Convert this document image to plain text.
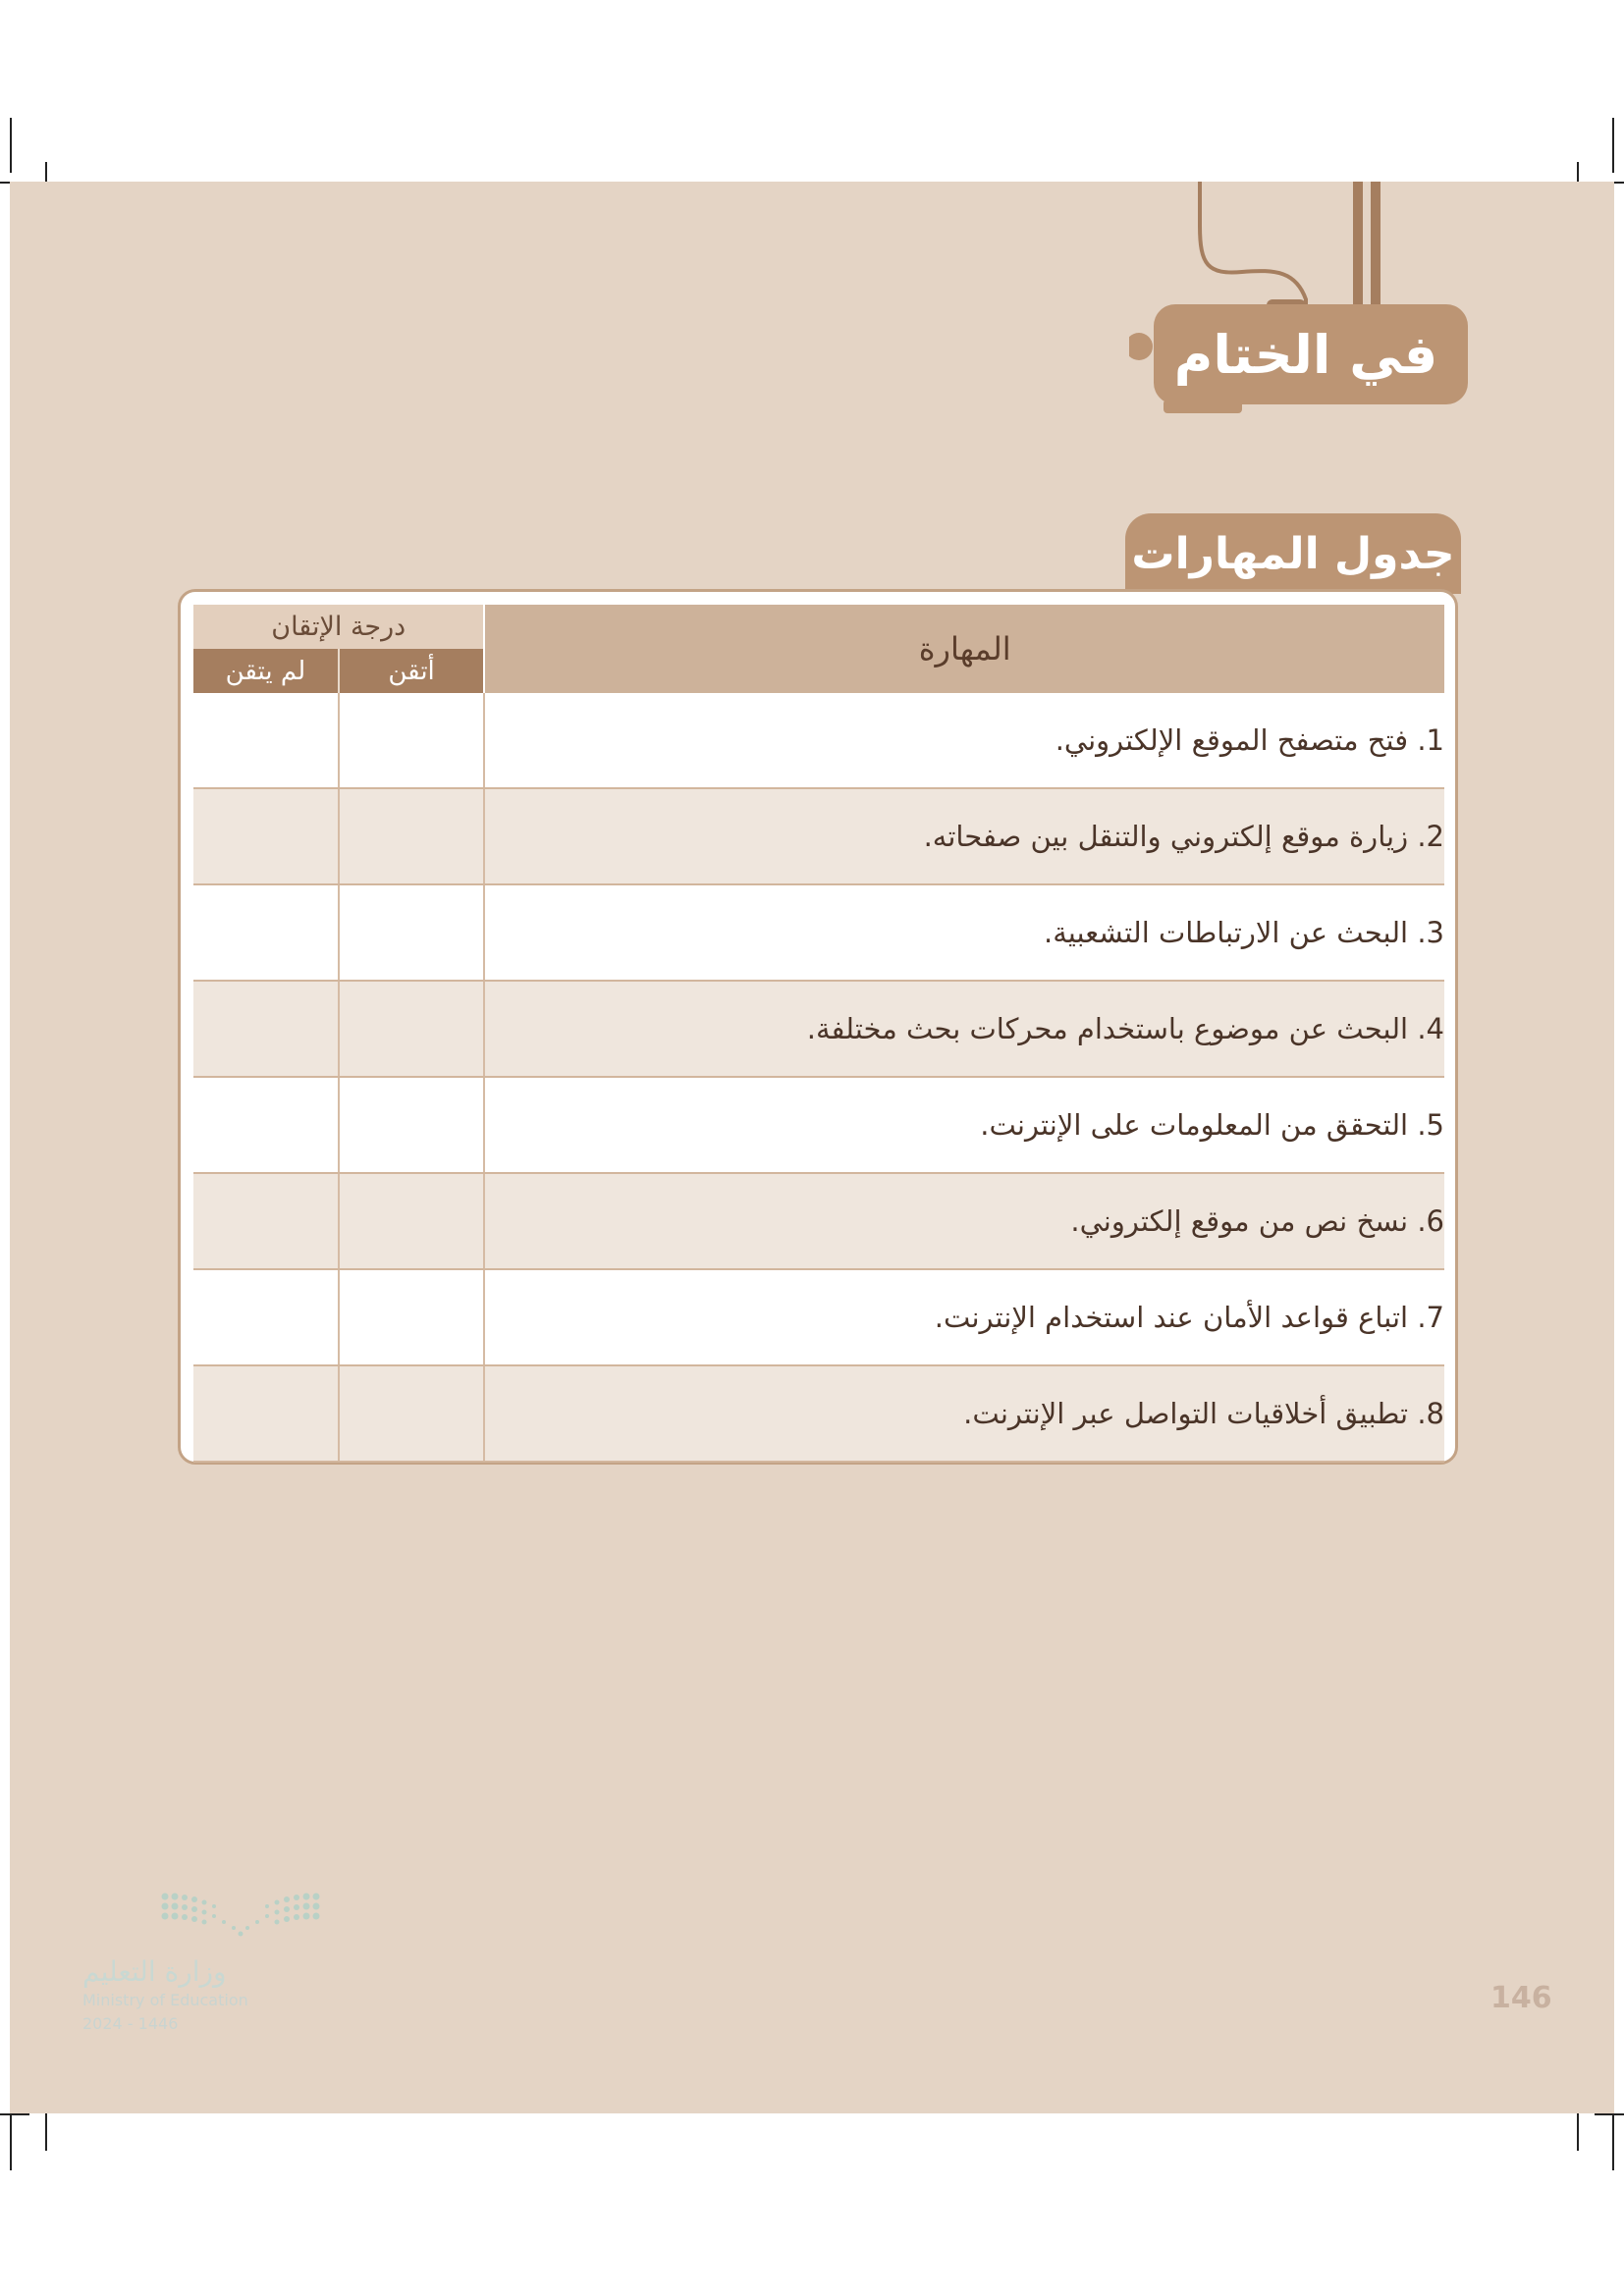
في الختام
جدول المهارات
المهارة	درجة الإتقان	
	أتقن	لم يتقن
1. فتح متصفح الموقع الإلكتروني.		
2. زيارة موقع إلكتروني والتنقل بين صفحاته.		
3. البحث عن الارتباطات التشعبية.		
4. البحث عن موضوع باستخدام محركات بحث مختلفة.		
5. التحقق من المعلومات على الإنترنت.		
6. نسخ نص من موقع إلكتروني.		
7. اتباع قواعد الأمان عند استخدام الإنترنت.		
8. تطبيق أخلاقيات التواصل عبر الإنترنت.		
وزارة التعليم
Ministry of Education
2024 - 1446
146
